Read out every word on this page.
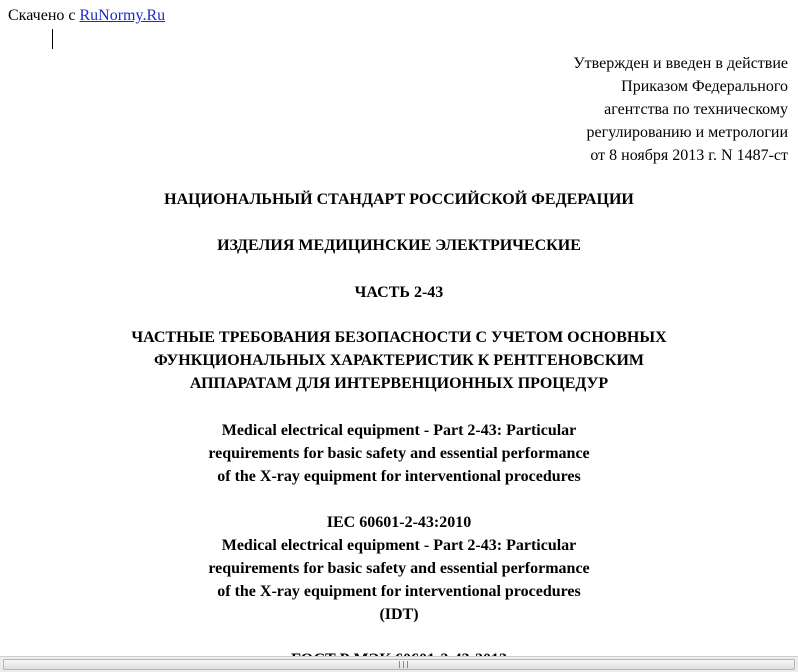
Скачено с RuNormy.Ru
Утвержден и введен в действие
Приказом Федерального
агентства по техническому
регулированию и метрологии
от 8 ноября 2013 г. N 1487-ст
НАЦИОНАЛЬНЫЙ СТАНДАРТ РОССИЙСКОЙ ФЕДЕРАЦИИ
ИЗДЕЛИЯ МЕДИЦИНСКИЕ ЭЛЕКТРИЧЕСКИЕ
ЧАСТЬ 2-43
ЧАСТНЫЕ ТРЕБОВАНИЯ БЕЗОПАСНОСТИ С УЧЕТОМ ОСНОВНЫХ
ФУНКЦИОНАЛЬНЫХ ХАРАКТЕРИСТИК К РЕНТГЕНОВСКИМ
АППАРАТАМ ДЛЯ ИНТЕРВЕНЦИОННЫХ ПРОЦЕДУР
Medical electrical equipment - Part 2-43: Particular
requirements for basic safety and essential performance
of the X-ray equipment for interventional procedures
IEC 60601-2-43:2010
Medical electrical equipment - Part 2-43: Particular
requirements for basic safety and essential performance
of the X-ray equipment for interventional procedures
(IDT)
